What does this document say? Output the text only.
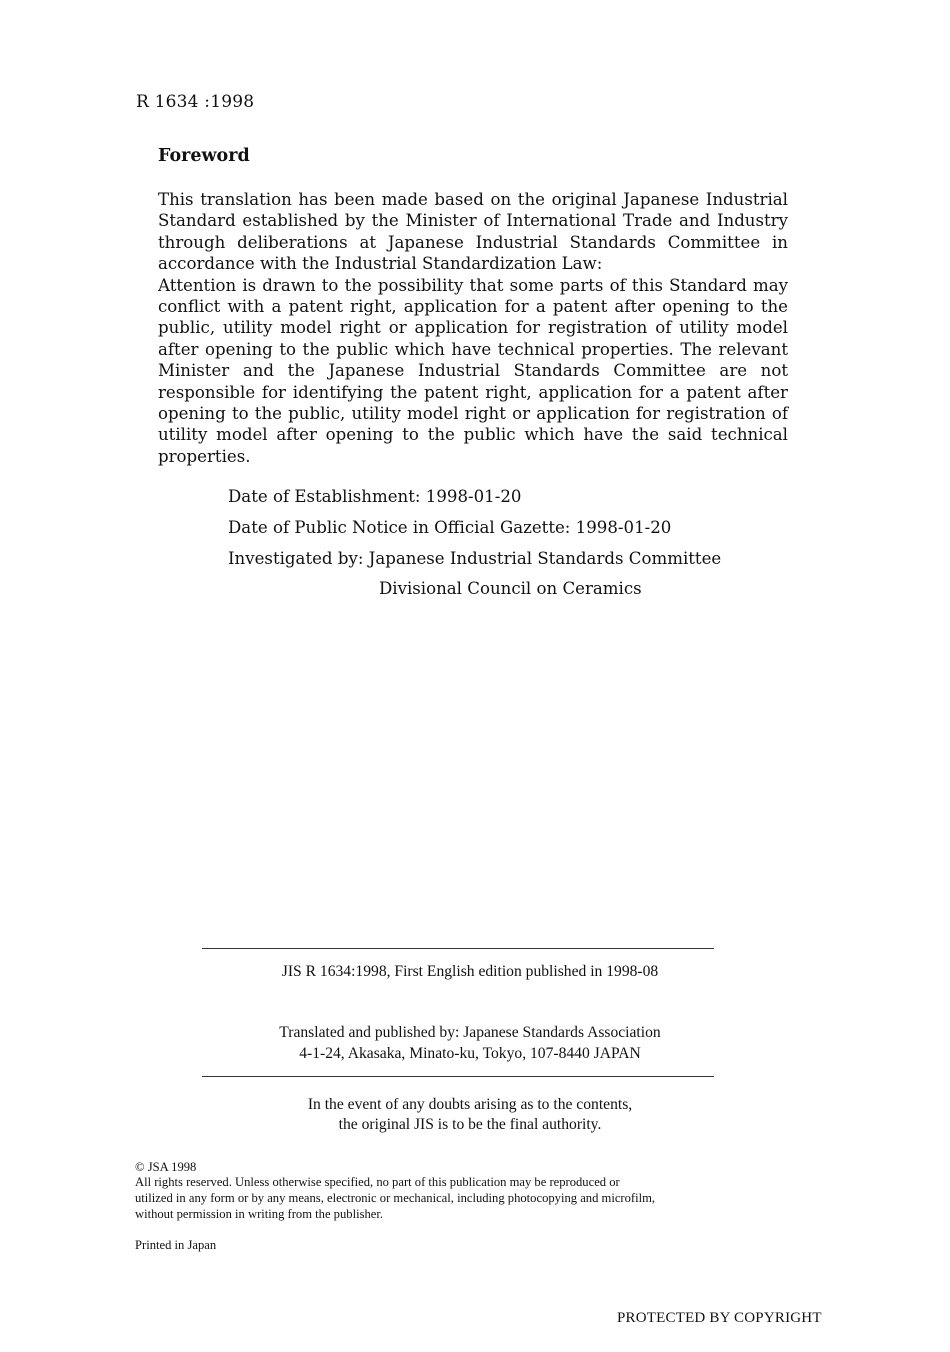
R 1634 :1998
Foreword

This translation has been made based on the original Japanese Industrial Standard established by the Minister of International Trade and Industry through deliberations at Japanese Industrial Standards Committee in accordance with the Industrial Standardization Law:

Attention is drawn to the possibility that some parts of this Standard may conflict with a patent right, application for a patent after opening to the public, utility model right or application for registration of utility model after opening to the public which have technical properties. The relevant Minister and the Japanese Industrial Standards Committee are not responsible for identifying the patent right, application for a patent after opening to the public, utility model right or application for registration of utility model after opening to the public which have the said technical properties.

Date of Establishment: 1998-01-20
Date of Public Notice in Official Gazette: 1998-01-20
Investigated by: Japanese Industrial Standards Committee
Divisional Council on Ceramics
JIS R 1634:1998, First English edition published in 1998-08
Translated and published by: Japanese Standards Association
4-1-24, Akasaka, Minato-ku, Tokyo, 107-8440 JAPAN
In the event of any doubts arising as to the contents,
the original JIS is to be the final authority.
© JSA 1998
All rights reserved. Unless otherwise specified, no part of this publication may be reproduced or
utilized in any form or by any means, electronic or mechanical, including photocopying and microfilm,
without permission in writing from the publisher.
Printed in Japan
PROTECTED BY COPYRIGHT
